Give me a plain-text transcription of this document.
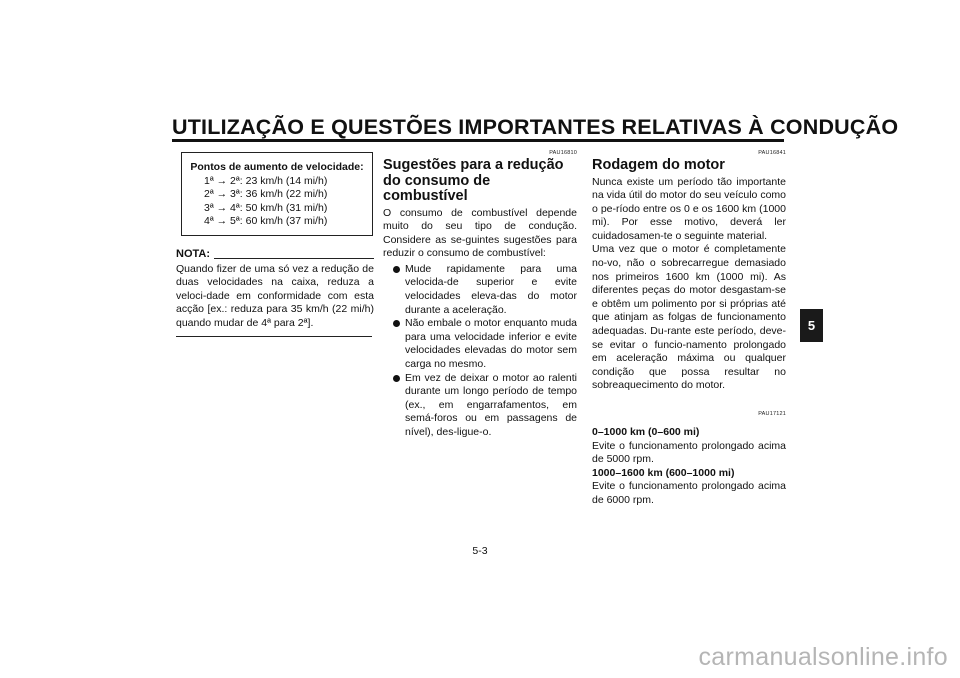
UTILIZAÇÃO E QUESTÕES IMPORTANTES RELATIVAS À CONDUÇÃO
Pontos de aumento de velocidade:
1ª → 2ª: 23 km/h (14 mi/h)
2ª → 3ª: 36 km/h (22 mi/h)
3ª → 4ª: 50 km/h (31 mi/h)
4ª → 5ª: 60 km/h (37 mi/h)
NOTA:
Quando fizer de uma só vez a redução de duas velocidades na caixa, reduza a veloci-dade em conformidade com esta acção [ex.: reduza para 35 km/h (22 mi/h) quando mudar de 4ª para 2ª].
PAU16810
Sugestões para a redução do consumo de combustível
O consumo de combustível depende muito do seu tipo de condução. Considere as se-guintes sugestões para reduzir o consumo de combustível:
Mude rapidamente para uma velocida-de superior e evite velocidades eleva-das do motor durante a aceleração.
Não embale o motor enquanto muda para uma velocidade inferior e evite velocidades elevadas do motor sem carga no mesmo.
Em vez de deixar o motor ao ralenti durante um longo período de tempo (ex., em engarrafamentos, em semá-foros ou em passagens de nível), des-ligue-o.
PAU16841
Rodagem do motor
Nunca existe um período tão importante na vida útil do motor do seu veículo como o pe-ríodo entre os 0 e os 1600 km (1000 mi). Por esse motivo, deverá ler cuidadosamen-te o seguinte material.
Uma vez que o motor é completamente no-vo, não o sobrecarregue demasiado nos primeiros 1600 km (1000 mi). As diferentes peças do motor desgastam-se e obtêm um polimento por si próprias até que atinjam as folgas de funcionamento adequadas. Du-rante este período, deve-se evitar o funcio-namento prolongado em aceleração máxima ou qualquer condição que possa resultar no sobreaquecimento do motor.
PAU17121
0–1000 km (0–600 mi)
Evite o funcionamento prolongado acima de 5000 rpm.
1000–1600 km (600–1000 mi)
Evite o funcionamento prolongado acima de 6000 rpm.
5
5-3
carmanualsonline.info
